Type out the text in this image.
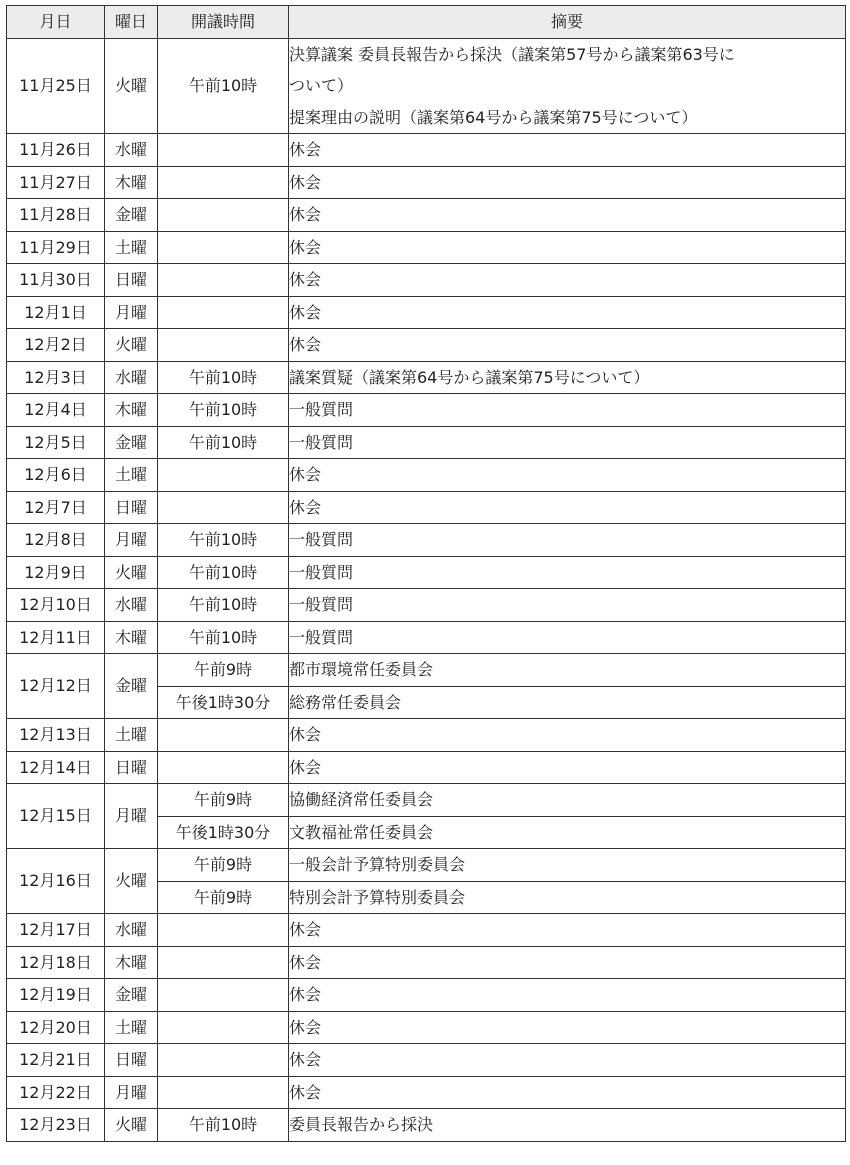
月日	曜日	開議時間	摘要
11月25日	火曜	午前10時	決算議案 委員長報告から採決（議案第57号から議案第63号に
ついて）
提案理由の説明（議案第64号から議案第75号について）

11月26日	水曜		休会

11月27日	木曜		休会

11月28日	金曜		休会

11月29日	土曜		休会

11月30日	日曜		休会

12月1日	月曜		休会

12月2日	火曜		休会

12月3日	水曜	午前10時	議案質疑（議案第64号から議案第75号について）

12月4日	木曜	午前10時	一般質問

12月5日	金曜	午前10時	一般質問

12月6日	土曜		休会

12月7日	日曜		休会

12月8日	月曜	午前10時	一般質問

12月9日	火曜	午前10時	一般質問

12月10日	水曜	午前10時	一般質問

12月11日	木曜	午前10時	一般質問

12月12日	金曜	午前9時	都市環境常任委員会

		午後1時30分	総務常任委員会

12月13日	土曜		休会

12月14日	日曜		休会

12月15日	月曜	午前9時	協働経済常任委員会

		午後1時30分	文教福祉常任委員会

12月16日	火曜	午前9時	一般会計予算特別委員会

		午前9時	特別会計予算特別委員会

12月17日	水曜		休会

12月18日	木曜		休会

12月19日	金曜		休会

12月20日	土曜		休会

12月21日	日曜		休会

12月22日	月曜		休会

12月23日	火曜	午前10時	委員長報告から採決
